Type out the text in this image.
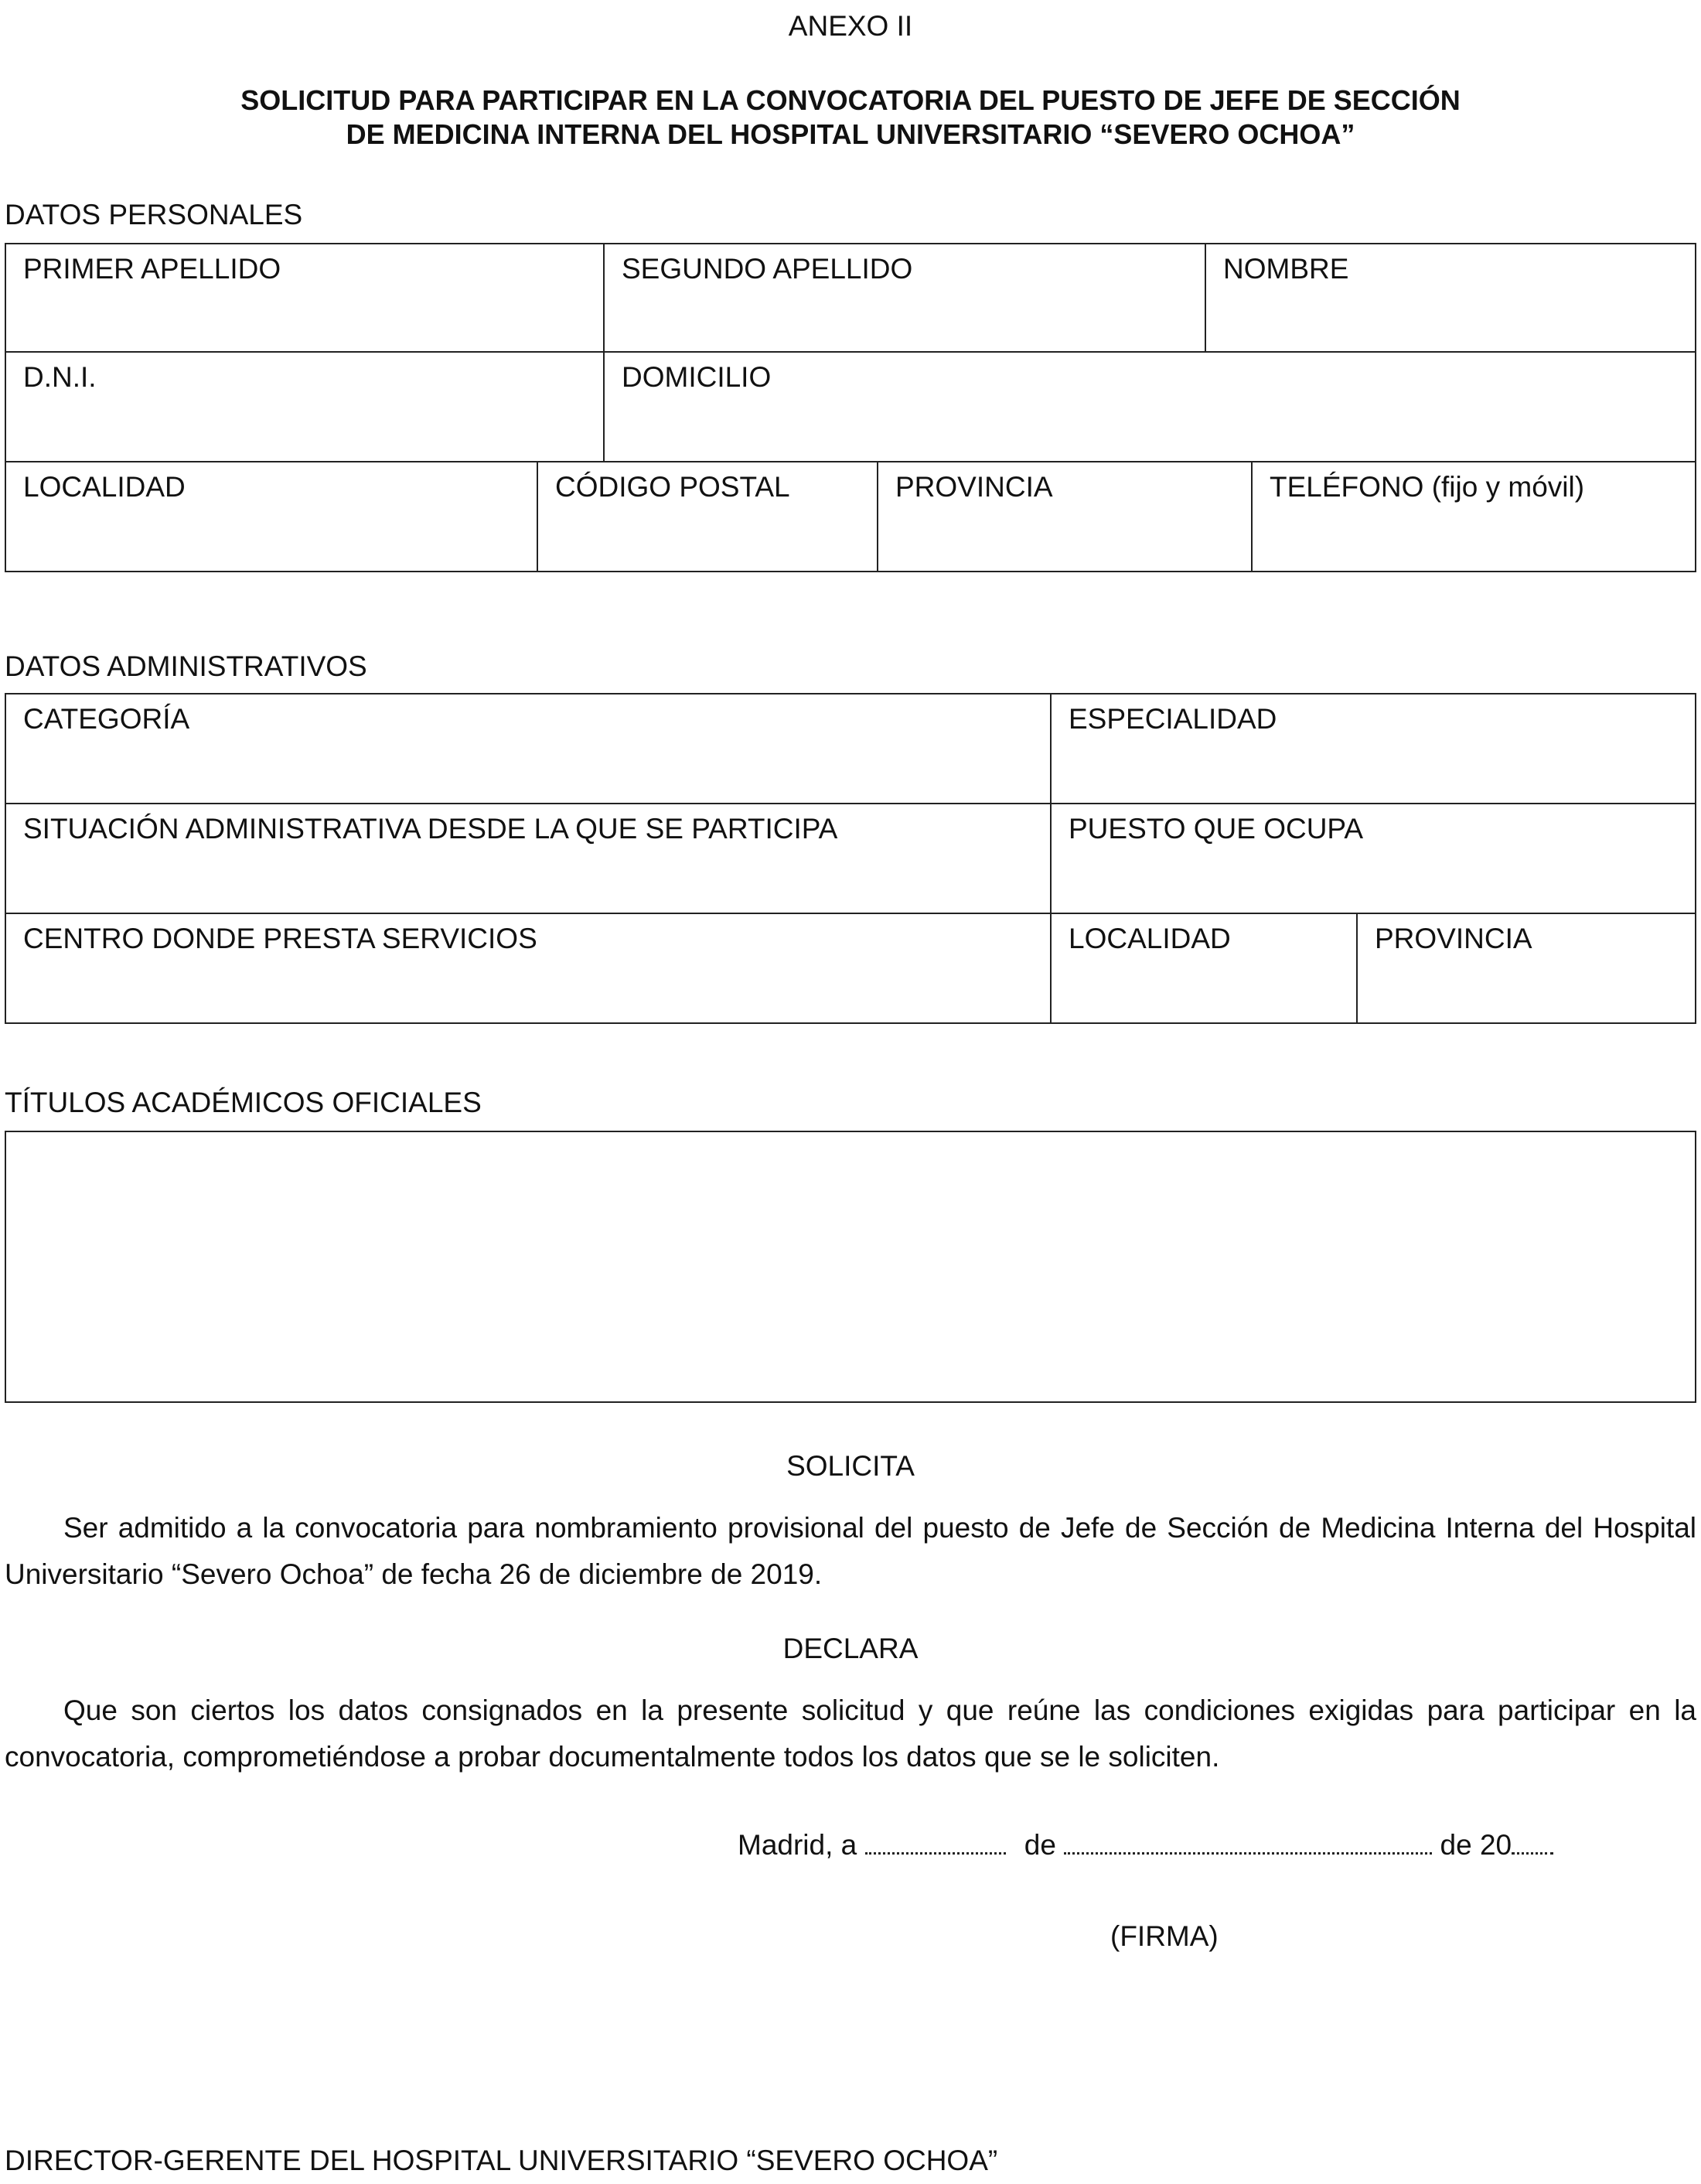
ANEXO II
SOLICITUD PARA PARTICIPAR EN LA CONVOCATORIA DEL PUESTO DE JEFE DE SECCIÓN
DE MEDICINA INTERNA DEL HOSPITAL UNIVERSITARIO “SEVERO OCHOA”
DATOS PERSONALES
PRIMER APELLIDO	SEGUNDO APELLIDO	NOMBRE
D.N.I.	DOMICILIO
LOCALIDAD	CÓDIGO POSTAL	PROVINCIA	TELÉFONO (fijo y móvil)
DATOS ADMINISTRATIVOS
CATEGORÍA	ESPECIALIDAD
SITUACIÓN ADMINISTRATIVA DESDE LA QUE SE PARTICIPA	PUESTO QUE OCUPA
CENTRO DONDE PRESTA SERVICIOS	LOCALIDAD	PROVINCIA
TÍTULOS ACADÉMICOS OFICIALES
SOLICITA
Ser admitido a la convocatoria para nombramiento provisional del puesto de Jefe de Sección de Medicina Interna del Hospital Universitario “Severo Ochoa” de fecha 26 de diciembre de 2019.
DECLARA
Que son ciertos los datos consignados en la presente solicitud y que reúne las condiciones exigidas para participar en la convocatoria, comprometiéndose a probar documentalmente todos los datos que se le soliciten.
Madrid, a	de	de 20
(FIRMA)
DIRECTOR-GERENTE DEL HOSPITAL UNIVERSITARIO “SEVERO OCHOA”
